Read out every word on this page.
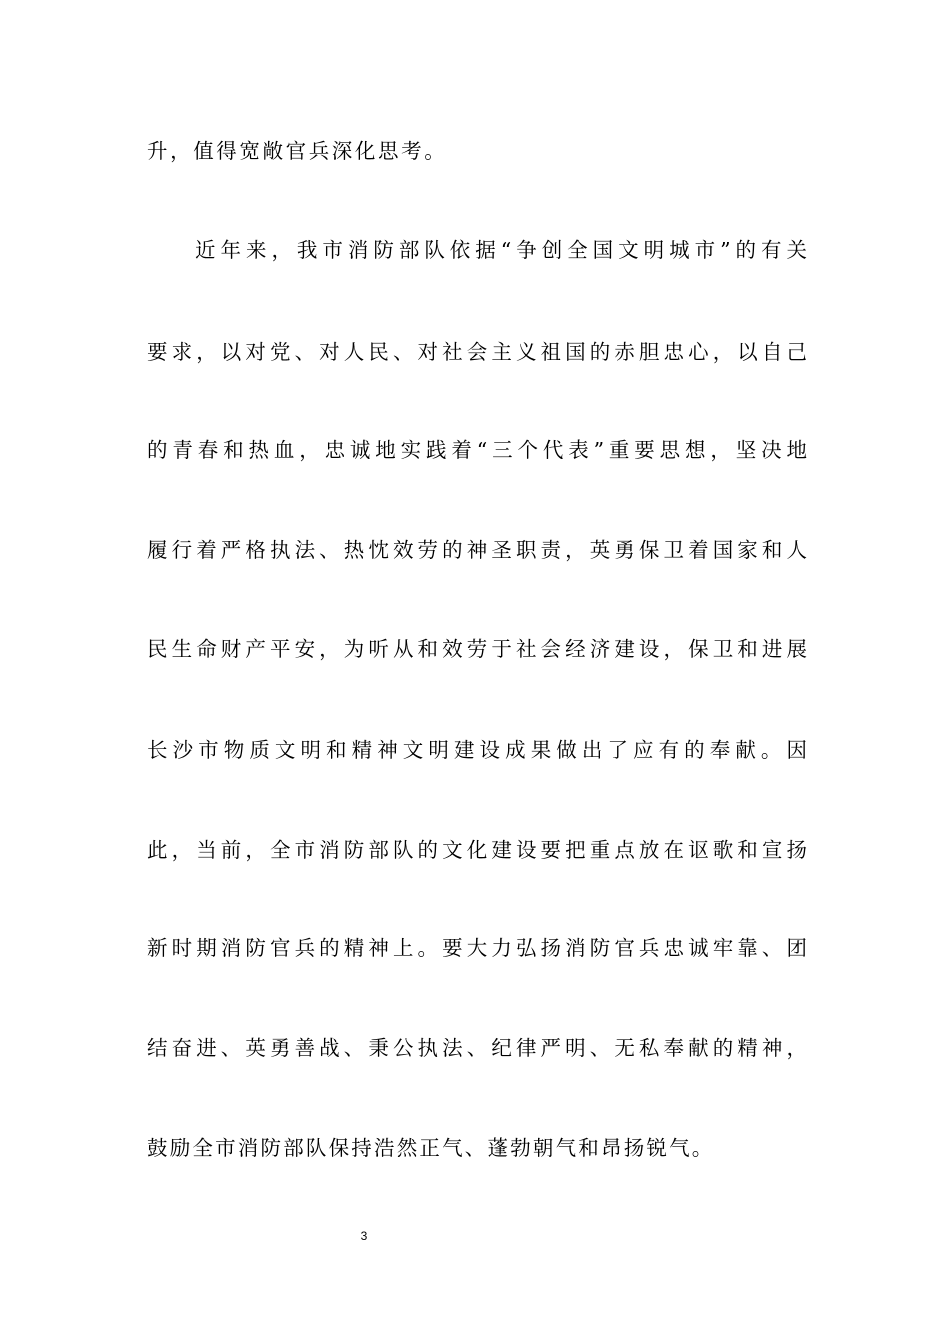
升，值得宽敞官兵深化思考。
近年来，我市消防部队依据“争创全国文明城市”的有关
要求，以对党、对人民、对社会主义祖国的赤胆忠心，以自己
的青春和热血，忠诚地实践着“三个代表”重要思想，坚决地
履行着严格执法、热忱效劳的神圣职责，英勇保卫着国家和人
民生命财产平安，为听从和效劳于社会经济建设，保卫和进展
长沙市物质文明和精神文明建设成果做出了应有的奉献。因
此，当前，全市消防部队的文化建设要把重点放在讴歌和宣扬
新时期消防官兵的精神上。要大力弘扬消防官兵忠诚牢靠、团
结奋进、英勇善战、秉公执法、纪律严明、无私奉献的精神，
鼓励全市消防部队保持浩然正气、蓬勃朝气和昂扬锐气。
3
